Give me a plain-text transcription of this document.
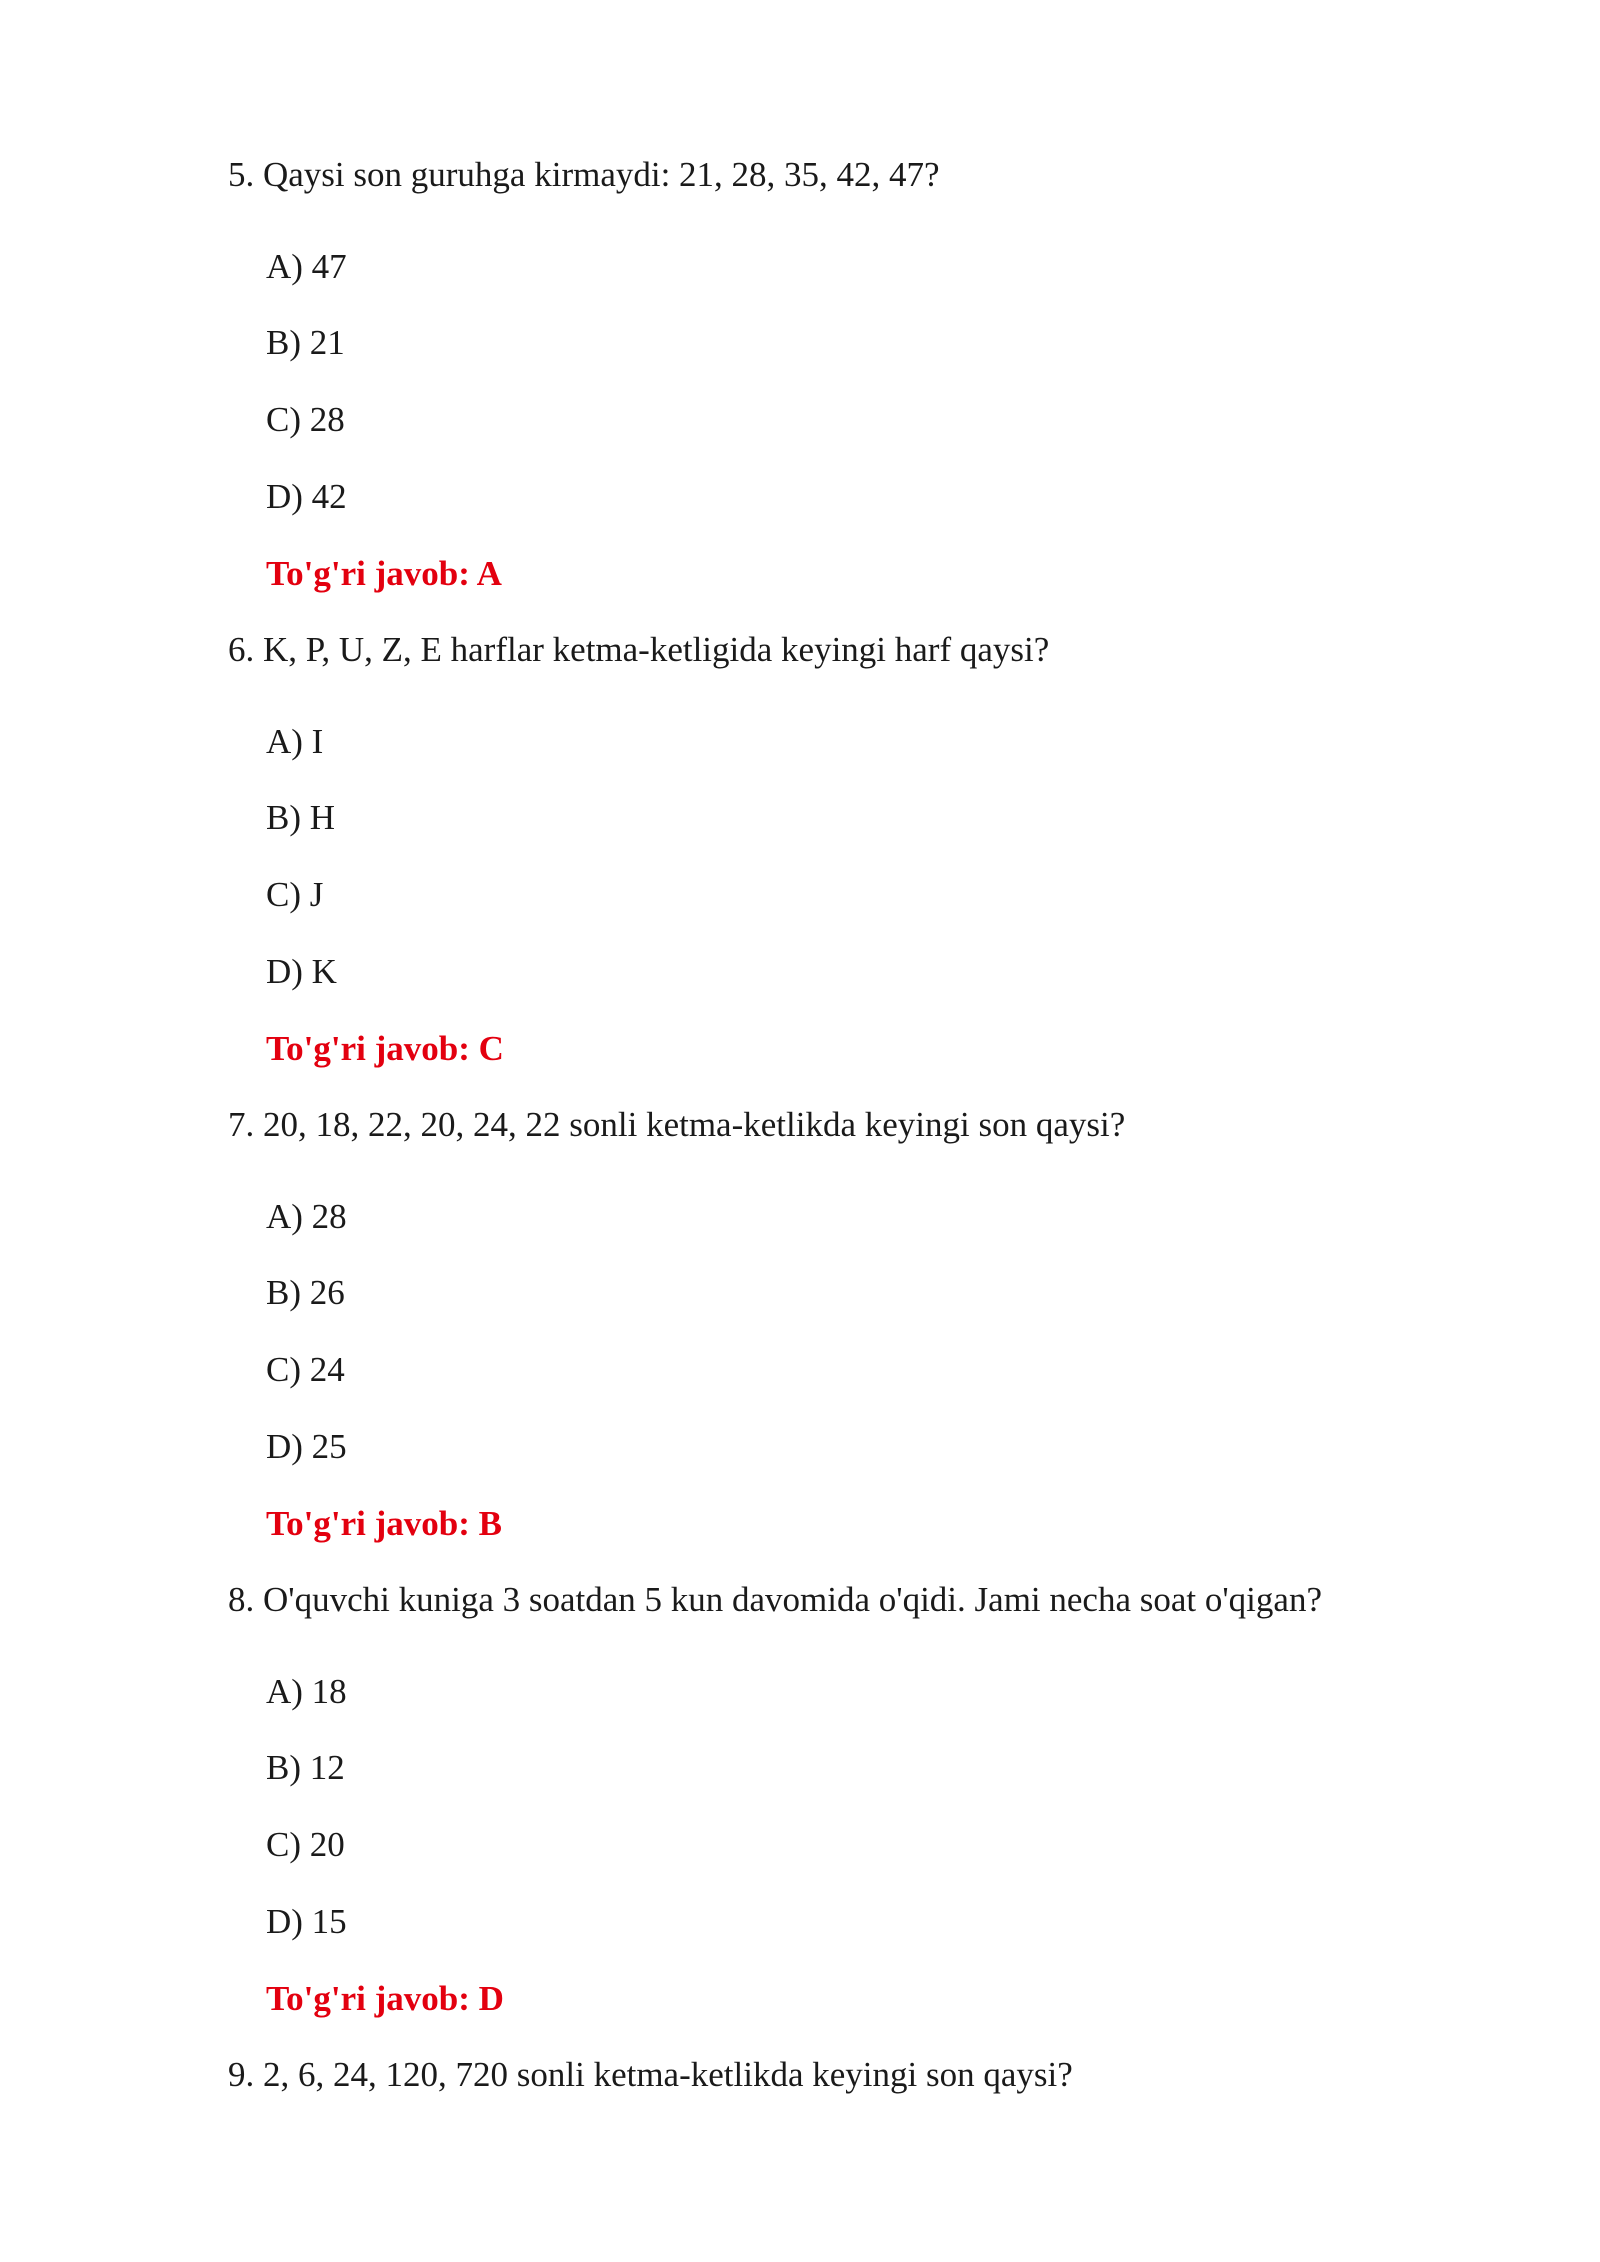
5. Qaysi son guruhga kirmaydi: 21, 28, 35, 42, 47?
A) 47
B) 21
C) 28
D) 42
To'g'ri javob: A
6. K, P, U, Z, E harflar ketma-ketligida keyingi harf qaysi?
A) I
B) H
C) J
D) K
To'g'ri javob: C
7. 20, 18, 22, 20, 24, 22 sonli ketma-ketlikda keyingi son qaysi?
A) 28
B) 26
C) 24
D) 25
To'g'ri javob: B
8. O'quvchi kuniga 3 soatdan 5 kun davomida o'qidi. Jami necha soat o'qigan?
A) 18
B) 12
C) 20
D) 15
To'g'ri javob: D
9. 2, 6, 24, 120, 720 sonli ketma-ketlikda keyingi son qaysi?
